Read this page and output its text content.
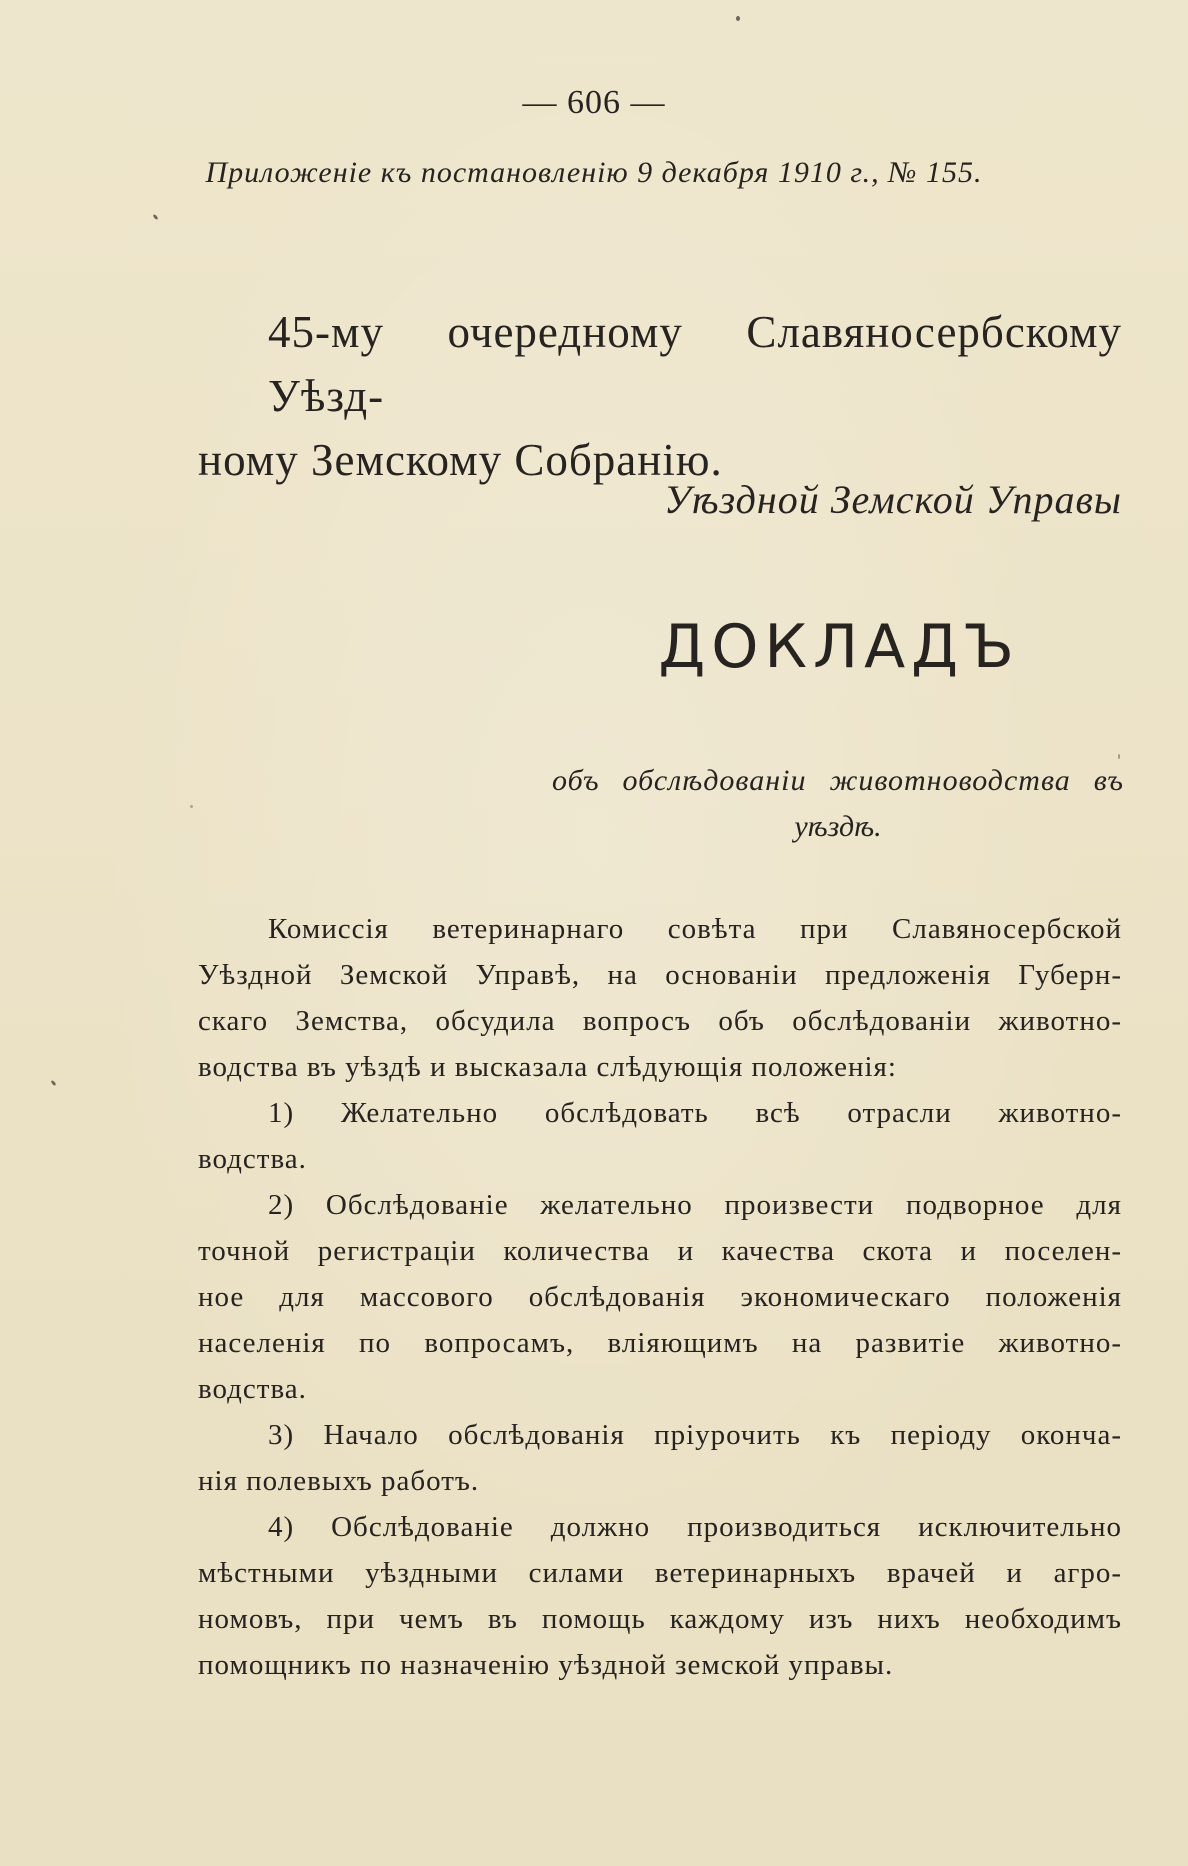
— 606 —
Приложеніе къ постановленію 9 декабря 1910 г., № 155.
45-му очередному Славяносербскому Уѣзд-
ному Земскому Собранію.
Уѣздной Земской Управы
ДОКЛАДЪ
объ обслѣдованіи животноводства въ
уѣздѣ.
Комиссія ветеринарнаго совѣта при Славяносербской
Уѣздной Земской Управѣ, на основаніи предложенія Губерн-
скаго Земства, обсудила вопросъ объ обслѣдованіи животно-
водства въ уѣздѣ и высказала слѣдующія положенія:
1) Желательно обслѣдовать всѣ отрасли животно-
водства.
2) Обслѣдованіе желательно произвести подворное для
точной регистраціи количества и качества скота и поселен-
ное для массового обслѣдованія экономическаго положенія
населенія по вопросамъ, вліяющимъ на развитіе животно-
водства.
3) Начало обслѣдованія пріурочить къ періоду оконча-
нія полевыхъ работъ.
4) Обслѣдованіе должно производиться исключительно
мѣстными уѣздными силами ветеринарныхъ врачей и агро-
номовъ, при чемъ въ помощь каждому изъ нихъ необходимъ
помощникъ по назначенію уѣздной земской управы.
